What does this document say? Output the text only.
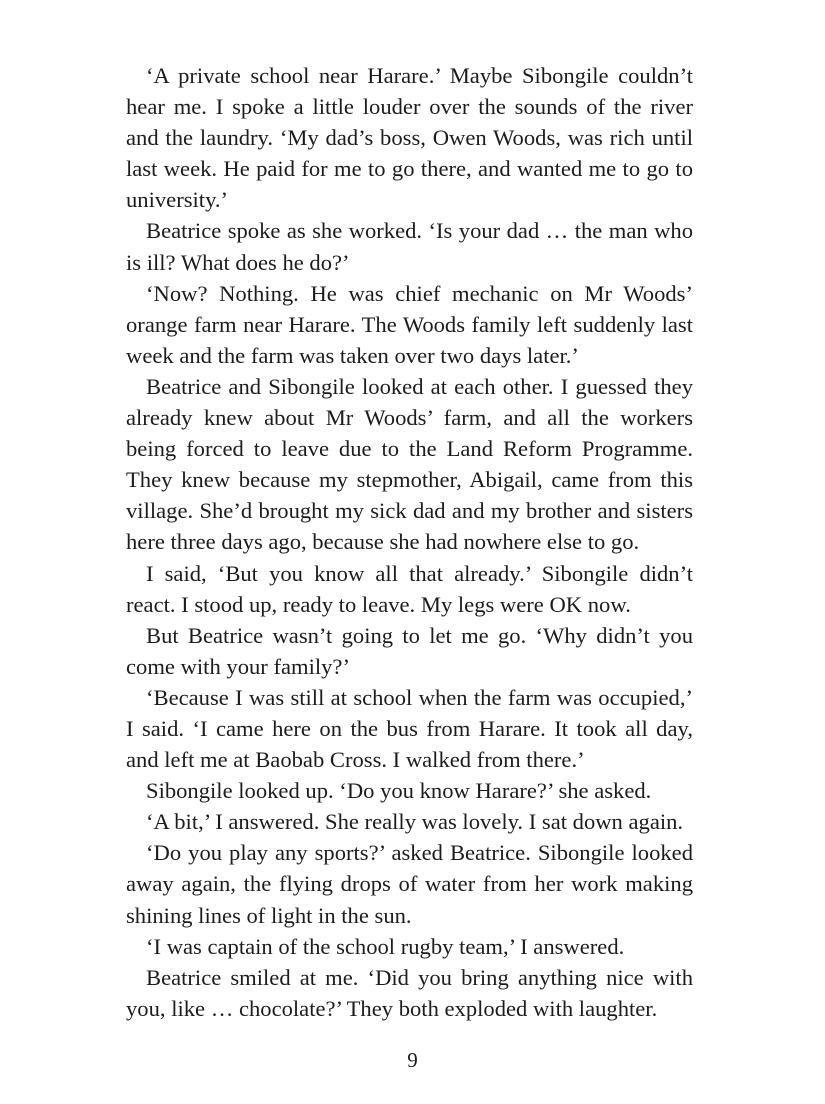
‘A private school near Harare.’ Maybe Sibongile couldn’t hear me. I spoke a little louder over the sounds of the river and the laundry. ‘My dad’s boss, Owen Woods, was rich until last week. He paid for me to go there, and wanted me to go to university.’

Beatrice spoke as she worked. ‘Is your dad … the man who is ill? What does he do?’

‘Now? Nothing. He was chief mechanic on Mr Woods’ orange farm near Harare. The Woods family left suddenly last week and the farm was taken over two days later.’

Beatrice and Sibongile looked at each other. I guessed they already knew about Mr Woods’ farm, and all the workers being forced to leave due to the Land Reform Programme. They knew because my stepmother, Abigail, came from this village. She’d brought my sick dad and my brother and sisters here three days ago, because she had nowhere else to go.

I said, ‘But you know all that already.’ Sibongile didn’t react. I stood up, ready to leave. My legs were OK now.

But Beatrice wasn’t going to let me go. ‘Why didn’t you come with your family?’

‘Because I was still at school when the farm was occupied,’ I said. ‘I came here on the bus from Harare. It took all day, and left me at Baobab Cross. I walked from there.’

Sibongile looked up. ‘Do you know Harare?’ she asked.

‘A bit,’ I answered. She really was lovely. I sat down again.

‘Do you play any sports?’ asked Beatrice. Sibongile looked away again, the flying drops of water from her work making shining lines of light in the sun.

‘I was captain of the school rugby team,’ I answered.

Beatrice smiled at me. ‘Did you bring anything nice with you, like … chocolate?’ They both exploded with laughter.

9
